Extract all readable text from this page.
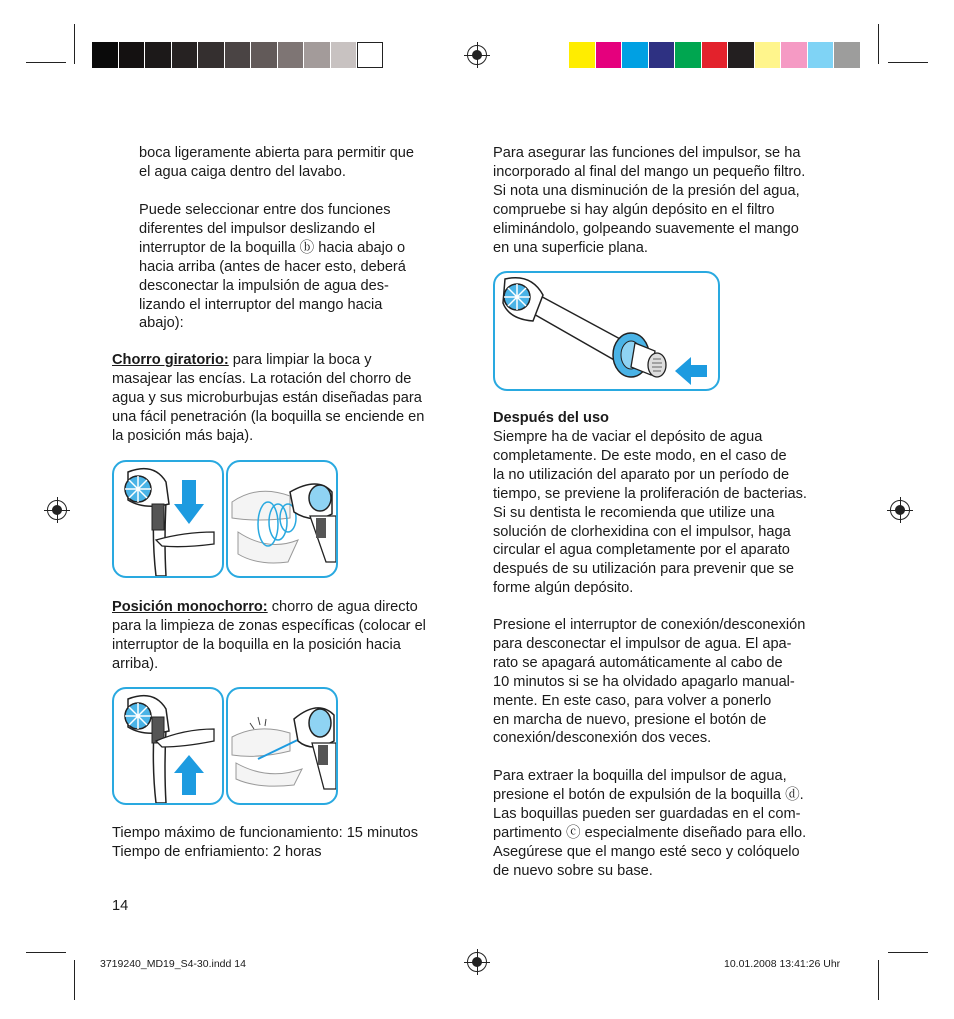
boca ligeramente abierta para permitir que
el agua caiga dentro del lavabo.
Puede seleccionar entre dos funciones
diferentes del impulsor deslizando el
interruptor de la boquilla ⓑ hacia abajo o
hacia arriba (antes de hacer esto, deberá
desconectar la impulsión de agua des-
lizando el interruptor del mango hacia
abajo):
Chorro giratorio: para limpiar la boca y
masajear las encías. La rotación del chorro de
agua y sus microburbujas están diseñadas para
una fácil penetración (la boquilla se enciende en
la posición más baja).
Posición monochorro: chorro de agua directo
para la limpieza de zonas específicas (colocar el
interruptor de la boquilla en la posición hacia
arriba).
Tiempo máximo de funcionamiento: 15 minutos
Tiempo de enfriamiento: 2 horas
14
Para asegurar las funciones del impulsor, se ha
incorporado al final del mango un pequeño filtro.
Si nota una disminución de la presión del agua,
compruebe si hay algún depósito en el filtro
eliminándolo, golpeando suavemente el mango
en una superficie plana.
Después del uso
Siempre ha de vaciar el depósito de agua
completamente. De este modo, en el caso de
la no utilización del aparato por un período de
tiempo, se previene la proliferación de bacterias.
Si su dentista le recomienda que utilize una
solución de clorhexidina con el impulsor, haga
circular el agua completamente por el aparato
después de su utilización para prevenir que se
forme algún depósito.
Presione el interruptor de conexión/desconexión
para desconectar el impulsor de agua. El apa-
rato se apagará automáticamente al cabo de
10 minutos si se ha olvidado apagarlo manual-
mente. En este caso, para volver a ponerlo
en marcha de nuevo, presione el botón de
conexión/desconexión dos veces.
Para extraer la boquilla del impulsor de agua,
presione el botón de expulsión de la boquilla ⓓ.
Las boquillas pueden ser guardadas en el com-
partimento ⓒ especialmente diseñado para ello.
Asegúrese que el mango esté seco y colóquelo
de nuevo sobre su base.
3719240_MD19_S4-30.indd 14	10.01.2008 13:41:26 Uhr
